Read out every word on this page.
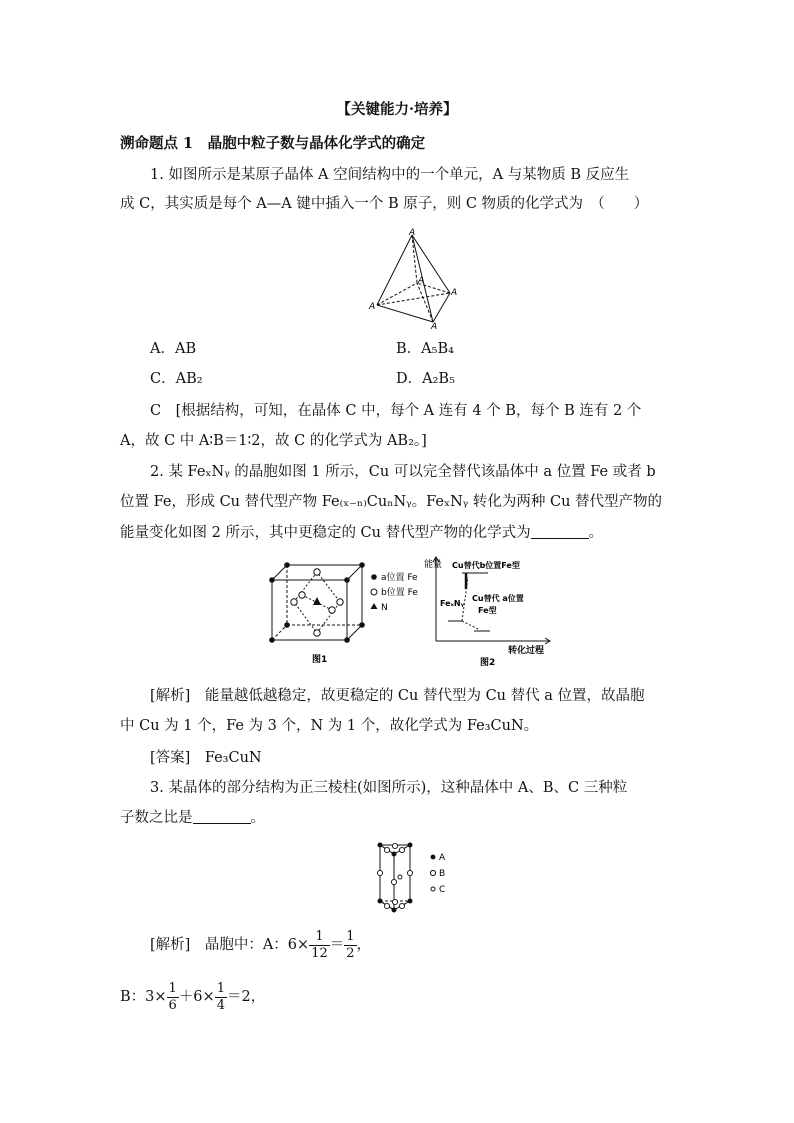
【关键能力·培养】
溯命题点 1　晶胞中粒子数与晶体化学式的确定
1. 如图所示是某原子晶体 A 空间结构中的一个单元，A 与某物质 B 反应生
成 C，其实质是每个 A—A 键中插入一个 B 原子，则 C 物质的化学式为　（　　）
A
A
A
A
A
A．AB	B．A₅B₄
C．AB₂	D．A₂B₅
C　[根据结构，可知，在晶体 C 中，每个 A 连有 4 个 B，每个 B 连有 2 个
A，故 C 中 A∶B＝1∶2，故 C 的化学式为 AB₂。]
2. 某 FeₓNᵧ 的晶胞如图 1 所示，Cu 可以完全替代该晶体中 a 位置 Fe 或者 b
位置 Fe，形成 Cu 替代型产物 Fe₍ₓ₋ₙ₎CuₙNᵧ。FeₓNᵧ 转化为两种 Cu 替代型产物的
能量变化如图 2 所示，其中更稳定的 Cu 替代型产物的化学式为	。
a位置 Fe
b位置 Fe
N
图1
能量 Cu替代b位置Fe型
FeₓNᵧ
Cu替代 a位置
Fe型
转化过程
图2
[解析]　 能量越低越稳定，故更稳定的 Cu 替代型为 Cu 替代 a 位置，故晶胞
中 Cu 为 1 个，Fe 为 3 个，N 为 1 个，故化学式为 Fe₃CuN。
[答案]　 Fe₃CuN
3. 某晶体的部分结构为正三棱柱(如图所示)，这种晶体中 A、B、C 三种粒
子数之比是	。
A
B
C
[解析]　 晶胞中：A：$6\times \frac{1}{12} = \frac{1}{2}$ ，
B：$3\times \frac{1}{6} +6\times \frac{1}{4} =2$，
